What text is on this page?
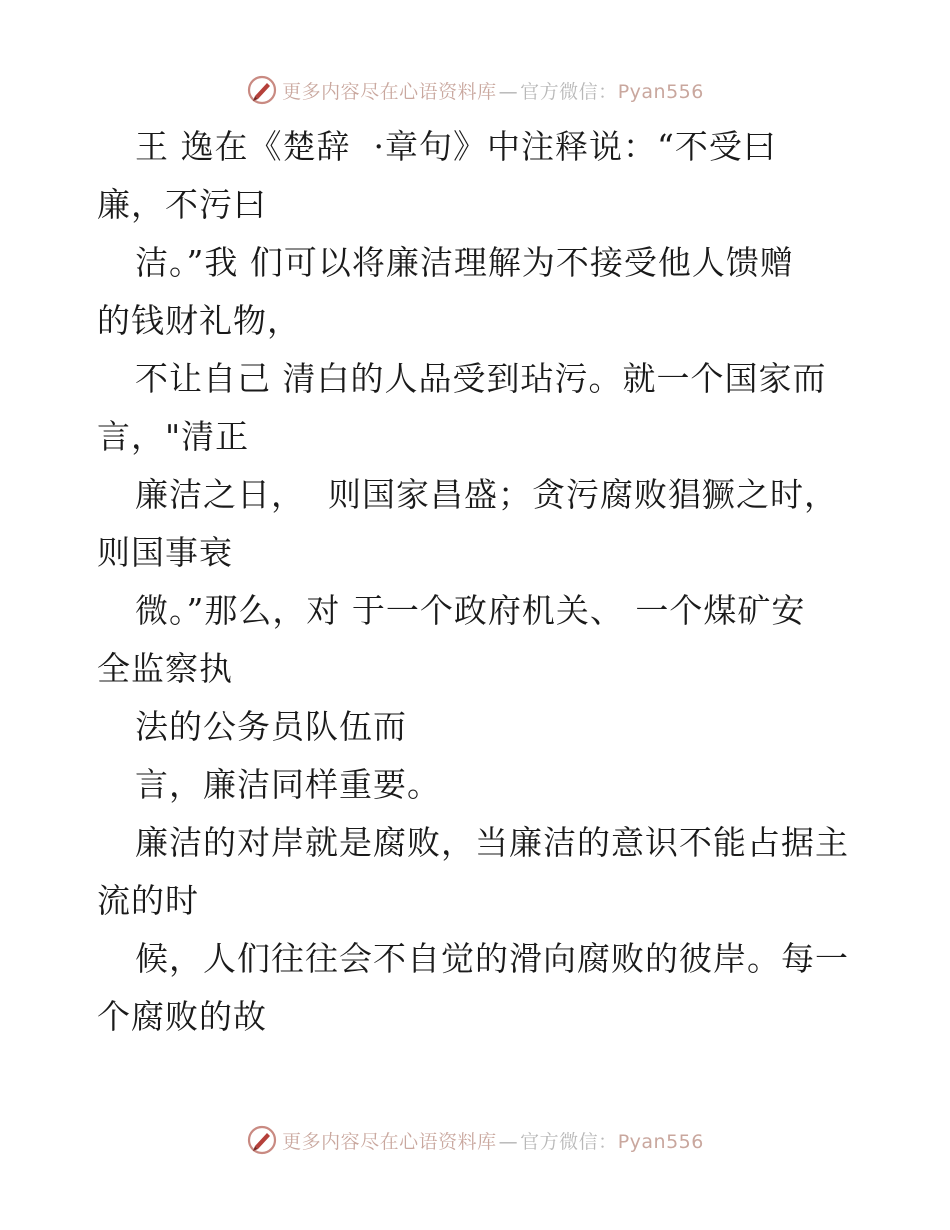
更多内容尽在心语资料库 — 官方微信：Pyan556
王 逸在《楚辞  ·章句》中注释说：“不受曰
廉，不污曰
洁。”我 们可以将廉洁理解为不接受他人馈赠
的钱财礼物，
不让自己 清白的人品受到玷污。就一个国家而
言，"清正
廉洁之日，  则国家昌盛；贪污腐败猖獗之时，
则国事衰
微。”那么，对 于一个政府机关、 一个煤矿安
全监察执
法的公务员队伍而
言，廉洁同样重要。
廉洁的对岸就是腐败，当廉洁的意识不能占据主
流的时
候，人们往往会不自觉的滑向腐败的彼岸。每一
个腐败的故
更多内容尽在心语资料库 — 官方微信：Pyan556
